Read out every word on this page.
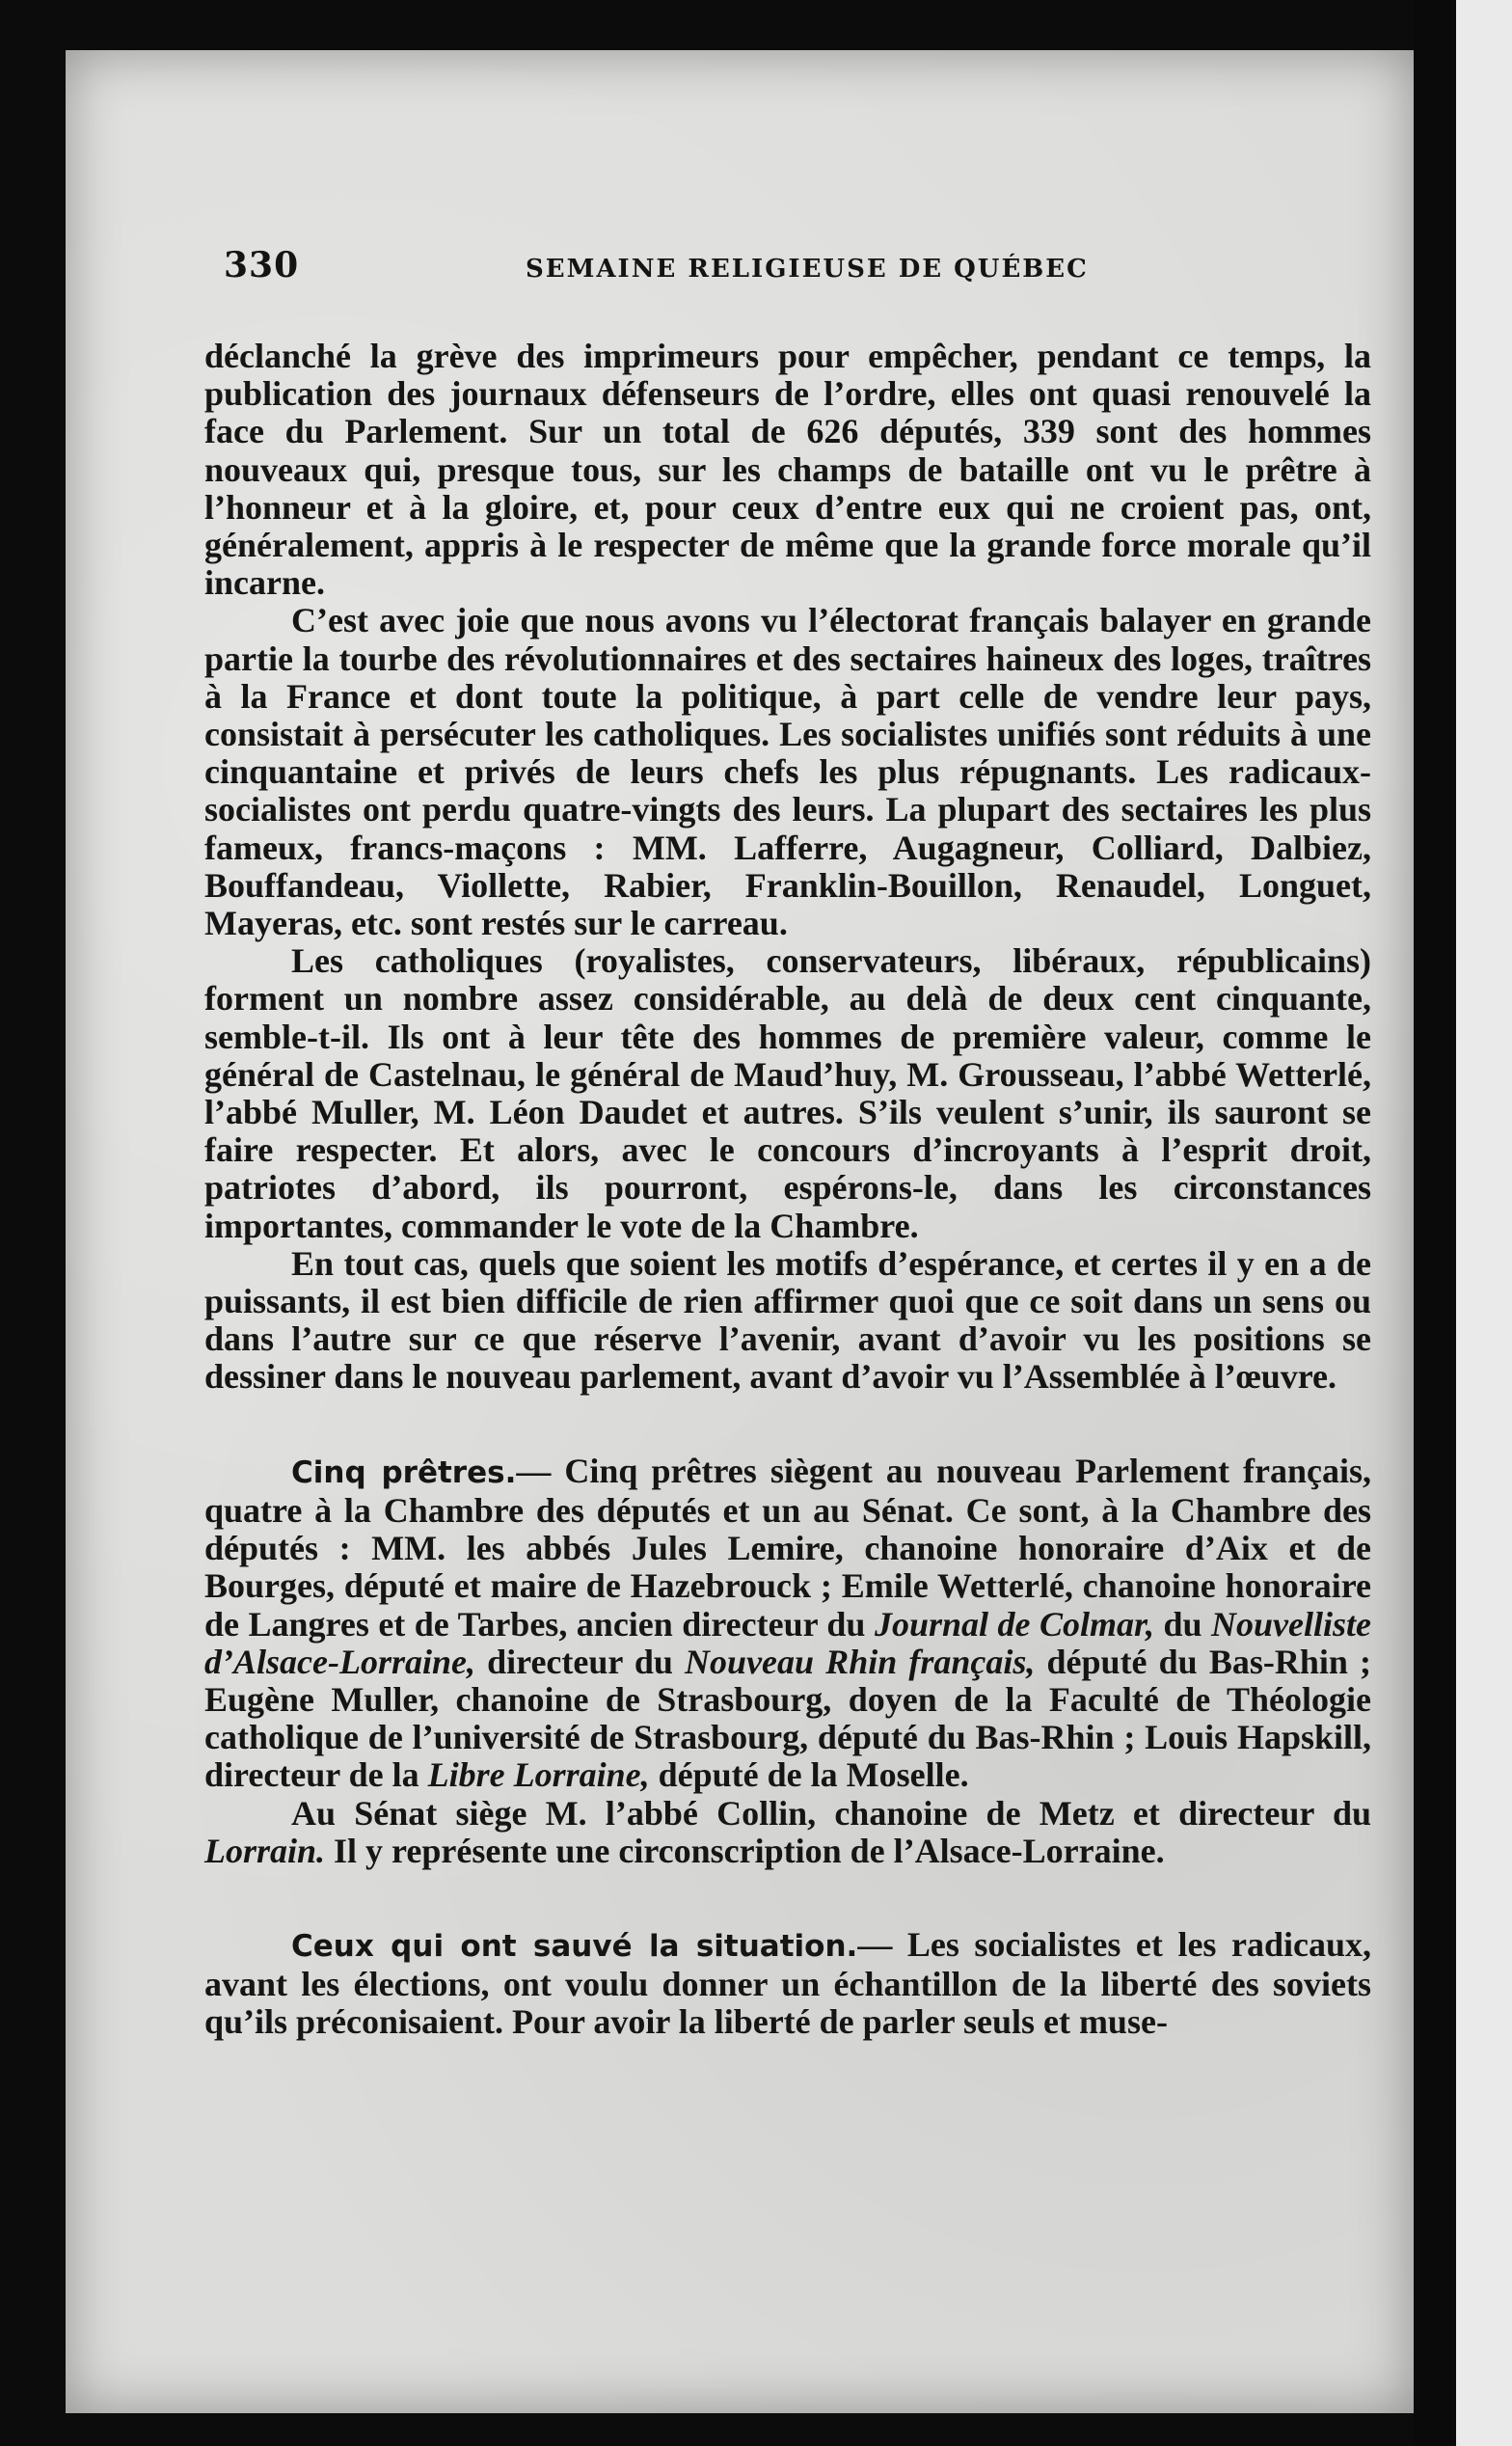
330	SEMAINE RELIGIEUSE DE QUÉBEC

déclanché la grève des imprimeurs pour empêcher, pendant ce temps, la publication des journaux défenseurs de l’ordre, elles ont quasi renouvelé la face du Parlement. Sur un total de 626 députés, 339 sont des hommes nouveaux qui, presque tous, sur les champs de bataille ont vu le prêtre à l’honneur et à la gloire, et, pour ceux d’entre eux qui ne croient pas, ont, généralement, appris à le respecter de même que la grande force morale qu’il incarne.

C’est avec joie que nous avons vu l’électorat français balayer en grande partie la tourbe des révolutionnaires et des sectaires haineux des loges, traîtres à la France et dont toute la politique, à part celle de vendre leur pays, consistait à persécuter les catholiques. Les socialistes unifiés sont réduits à une cinquantaine et privés de leurs chefs les plus répugnants. Les radicaux-socialistes ont perdu quatre-vingts des leurs. La plupart des sectaires les plus fameux, francs-maçons : MM. Lafferre, Augagneur, Colliard, Dalbiez, Bouffandeau, Viollette, Rabier, Franklin-Bouillon, Renaudel, Longuet, Mayeras, etc. sont restés sur le carreau.

Les catholiques (royalistes, conservateurs, libéraux, républicains) forment un nombre assez considérable, au delà de deux cent cinquante, semble-t-il. Ils ont à leur tête des hommes de première valeur, comme le général de Castelnau, le général de Maud’huy, M. Grousseau, l’abbé Wetterlé, l’abbé Muller, M. Léon Daudet et autres. S’ils veulent s’unir, ils sauront se faire respecter. Et alors, avec le concours d’incroyants à l’esprit droit, patriotes d’abord, ils pourront, espérons-le, dans les circonstances importantes, commander le vote de la Chambre.

En tout cas, quels que soient les motifs d’espérance, et certes il y en a de puissants, il est bien difficile de rien affirmer quoi que ce soit dans un sens ou dans l’autre sur ce que réserve l’avenir, avant d’avoir vu les positions se dessiner dans le nouveau parlement, avant d’avoir vu l’Assemblée à l’œuvre.

Cinq prêtres.— Cinq prêtres siègent au nouveau Parlement français, quatre à la Chambre des députés et un au Sénat. Ce sont, à la Chambre des députés : MM. les abbés Jules Lemire, chanoine honoraire d’Aix et de Bourges, député et maire de Hazebrouck ; Emile Wetterlé, chanoine honoraire de Langres et de Tarbes, ancien directeur du Journal de Colmar, du Nouvelliste d’Alsace-Lorraine, directeur du Nouveau Rhin français, député du Bas-Rhin ; Eugène Muller, chanoine de Strasbourg, doyen de la Faculté de Théologie catholique de l’université de Strasbourg, député du Bas-Rhin ; Louis Hapskill, directeur de la Libre Lorraine, député de la Moselle.

Au Sénat siège M. l’abbé Collin, chanoine de Metz et directeur du Lorrain. Il y représente une circonscription de l’Alsace-Lorraine.

Ceux qui ont sauvé la situation.— Les socialistes et les radicaux, avant les élections, ont voulu donner un échantillon de la liberté des soviets qu’ils préconisaient. Pour avoir la liberté de parler seuls et muse-
